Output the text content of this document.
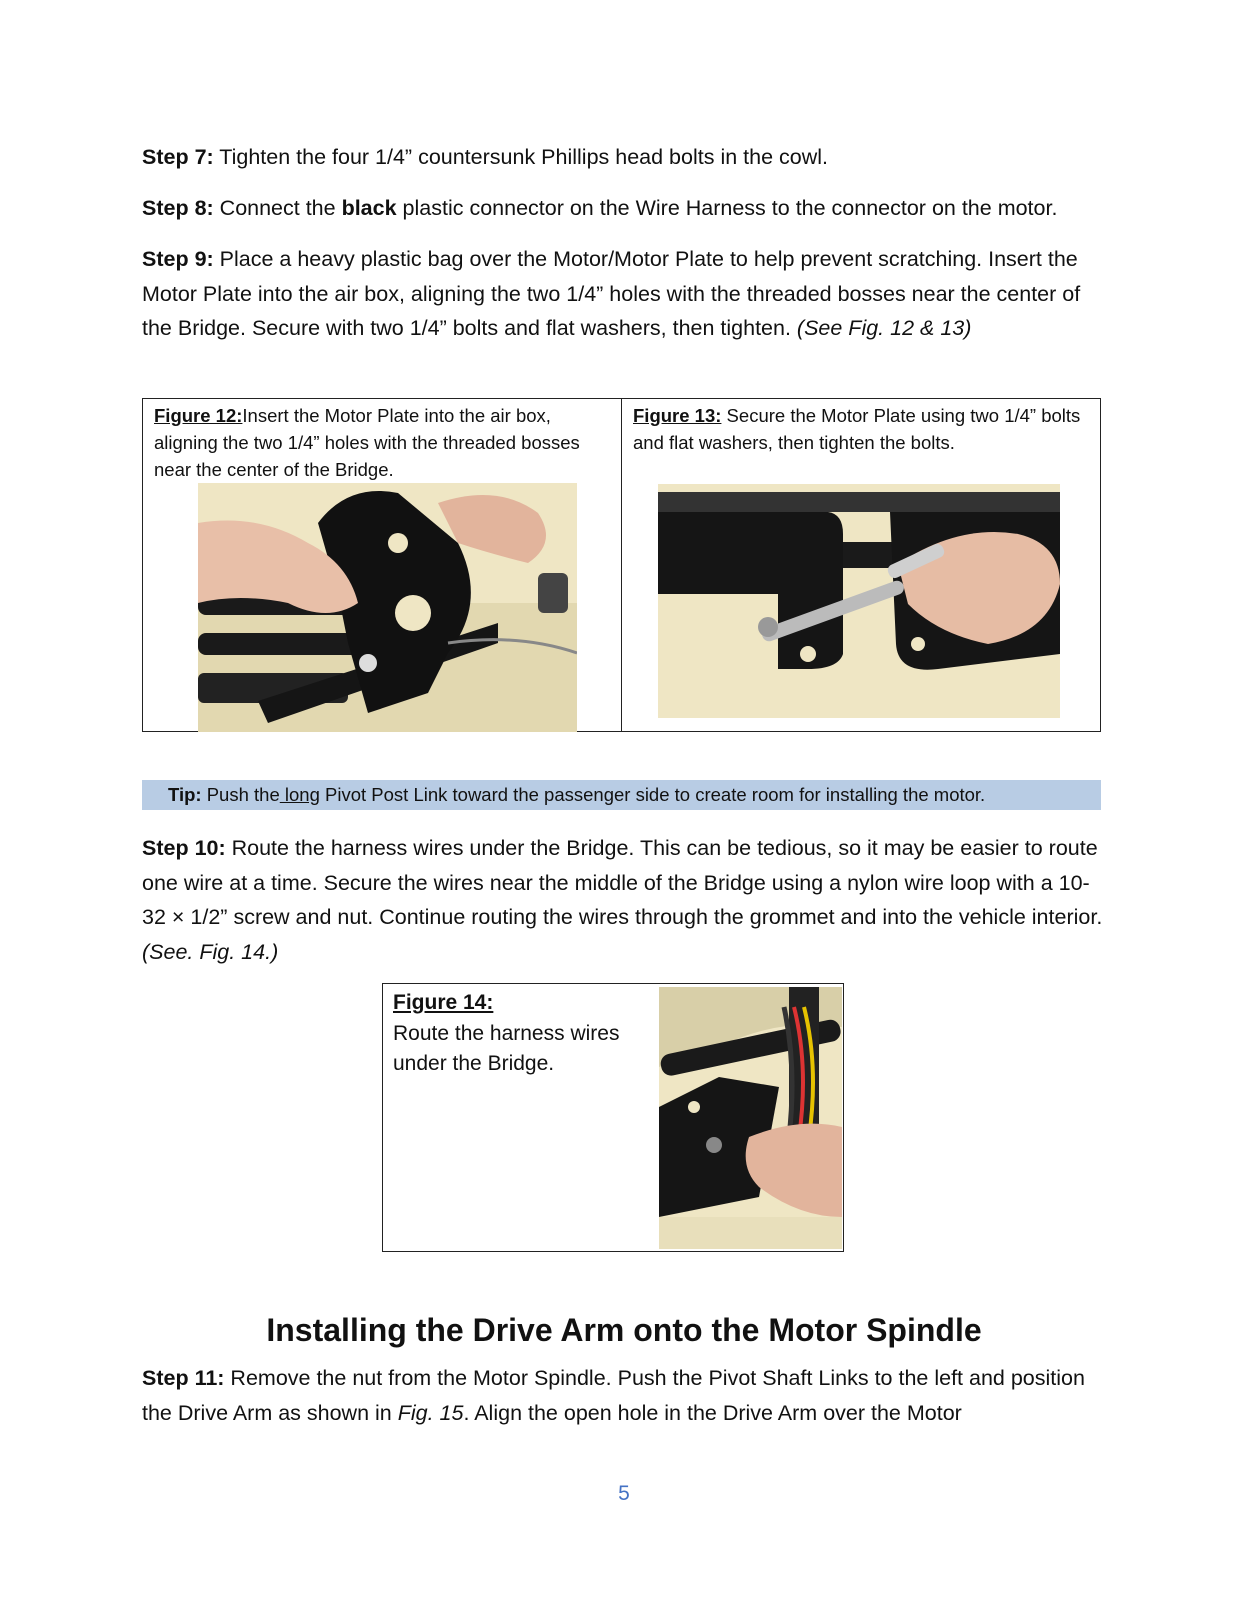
Step 7: Tighten the four 1/4” countersunk Phillips head bolts in the cowl.

Step 8: Connect the black plastic connector on the Wire Harness to the connector on the motor.

Step 9: Place a heavy plastic bag over the Motor/Motor Plate to help prevent scratching. Insert the Motor Plate into the air box, aligning the two 1/4” holes with the threaded bosses near the center of the Bridge. Secure with two 1/4” bolts and flat washers, then tighten. (See Fig. 12 & 13)

Figure 12:Insert the Motor Plate into the air box, aligning the two 1/4” holes with the threaded bosses near the center of the Bridge.

Figure 13: Secure the Motor Plate using two 1/4” bolts and flat washers, then tighten the bolts.

Tip: Push the long Pivot Post Link toward the passenger side to create room for installing the motor.

Step 10: Route the harness wires under the Bridge. This can be tedious, so it may be easier to route one wire at a time. Secure the wires near the middle of the Bridge using a nylon wire loop with a 10-32 × 1/2” screw and nut. Continue routing the wires through the grommet and into the vehicle interior. (See. Fig. 14.)

Figure 14:
Route the harness wires under the Bridge.
Installing the Drive Arm onto the Motor Spindle

Step 11: Remove the nut from the Motor Spindle. Push the Pivot Shaft Links to the left and position the Drive Arm as shown in Fig. 15. Align the open hole in the Drive Arm over the Motor

5
